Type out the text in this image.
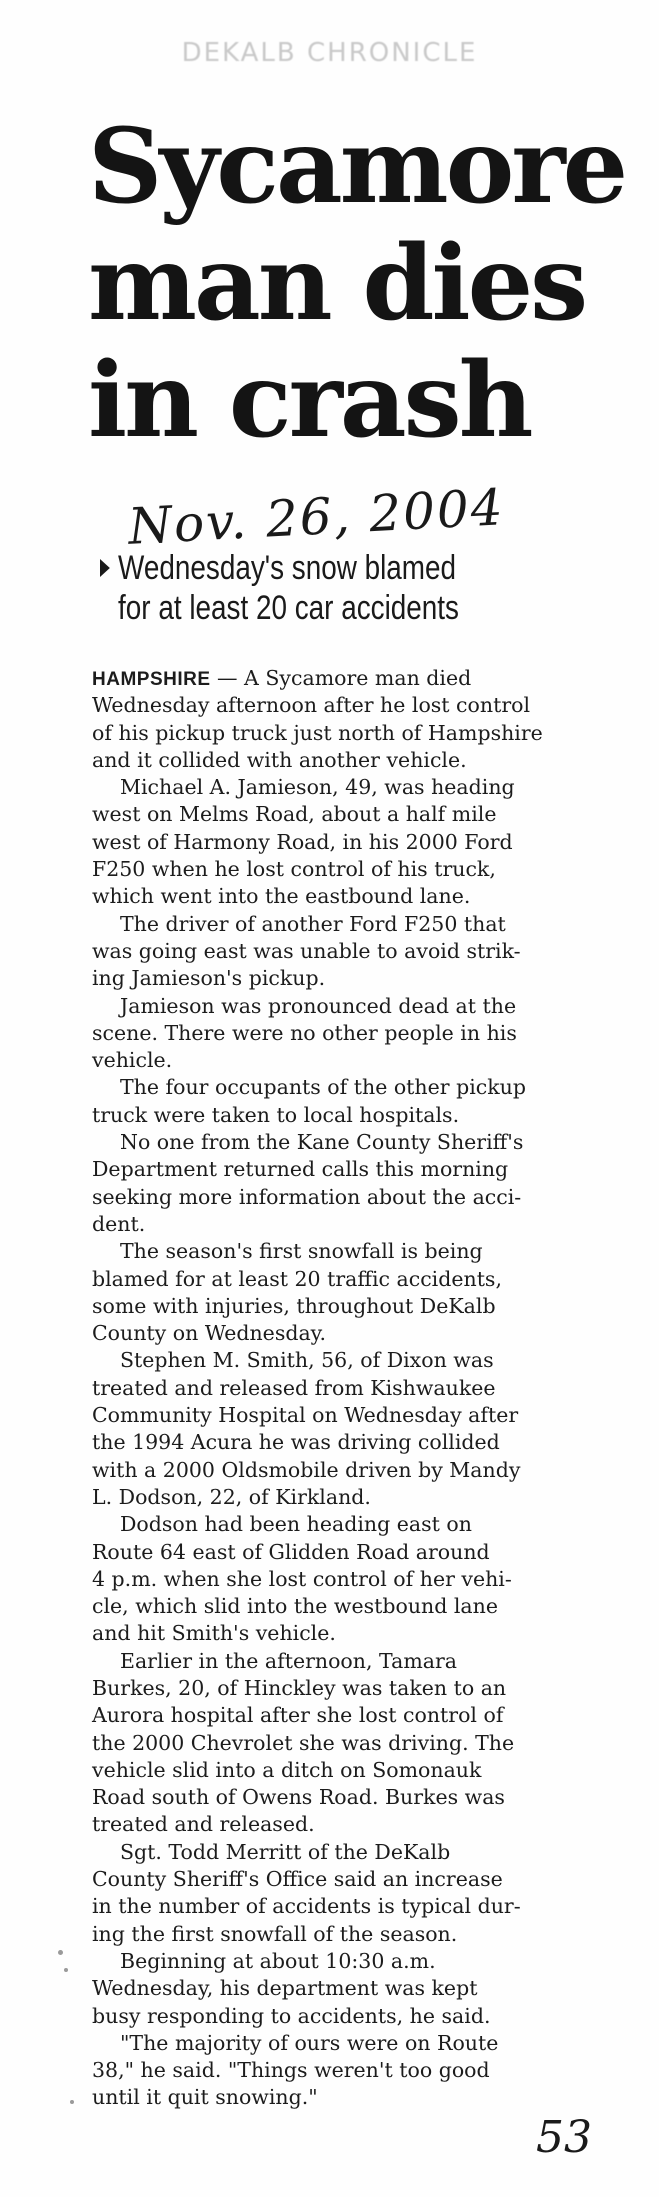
DEKALB CHRONICLE
Sycamore
man dies
in crash
Nov. 26, 2004
Wednesday's snow blamed
for at least 20 car accidents
HAMPSHIRE — A Sycamore man died
Wednesday afternoon after he lost control
of his pickup truck just north of Hampshire
and it collided with another vehicle.
Michael A. Jamieson, 49, was heading
west on Melms Road, about a half mile
west of Harmony Road, in his 2000 Ford
F250 when he lost control of his truck,
which went into the eastbound lane.
The driver of another Ford F250 that
was going east was unable to avoid strik-
ing Jamieson's pickup.
Jamieson was pronounced dead at the
scene. There were no other people in his
vehicle.
The four occupants of the other pickup
truck were taken to local hospitals.
No one from the Kane County Sheriff's
Department returned calls this morning
seeking more information about the acci-
dent.
The season's first snowfall is being
blamed for at least 20 traffic accidents,
some with injuries, throughout DeKalb
County on Wednesday.
Stephen M. Smith, 56, of Dixon was
treated and released from Kishwaukee
Community Hospital on Wednesday after
the 1994 Acura he was driving collided
with a 2000 Oldsmobile driven by Mandy
L. Dodson, 22, of Kirkland.
Dodson had been heading east on
Route 64 east of Glidden Road around
4 p.m. when she lost control of her vehi-
cle, which slid into the westbound lane
and hit Smith's vehicle.
Earlier in the afternoon, Tamara
Burkes, 20, of Hinckley was taken to an
Aurora hospital after she lost control of
the 2000 Chevrolet she was driving. The
vehicle slid into a ditch on Somonauk
Road south of Owens Road. Burkes was
treated and released.
Sgt. Todd Merritt of the DeKalb
County Sheriff's Office said an increase
in the number of accidents is typical dur-
ing the first snowfall of the season.
Beginning at about 10:30 a.m.
Wednesday, his department was kept
busy responding to accidents, he said.
"The majority of ours were on Route
38," he said. "Things weren't too good
until it quit snowing."
53
